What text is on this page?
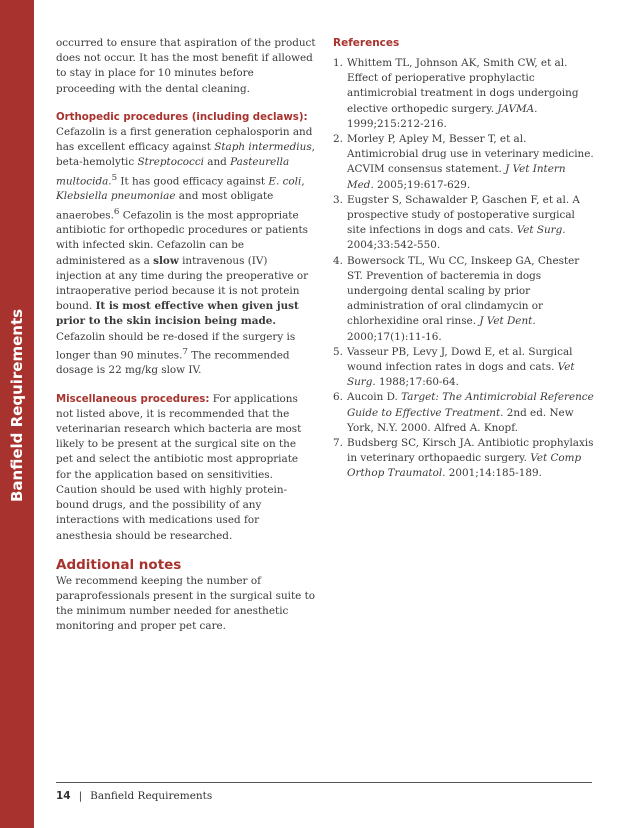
Banfield Requirements

occurred to ensure that aspiration of the product does not occur. It has the most benefit if allowed to stay in place for 10 minutes before proceeding with the dental cleaning.

Orthopedic procedures (including declaws):
Cefazolin is a first generation cephalosporin and has excellent efficacy against Staph intermedius, beta-hemolytic Streptococci and Pasteurella multocida.$^5$ It has good efficacy against E. coli, Klebsiella pneumoniae and most obligate anaerobes.$^6$ Cefazolin is the most appropriate antibiotic for orthopedic procedures or patients with infected skin. Cefazolin can be administered as a slow intravenous (IV) injection at any time during the preoperative or intraoperative period because it is not protein bound. It is most effective when given just prior to the skin incision being made. Cefazolin should be re-dosed if the surgery is longer than 90 minutes.$^7$ The recommended dosage is 22 mg/kg slow IV.

Miscellaneous procedures: For applications not listed above, it is recommended that the veterinarian research which bacteria are most likely to be present at the surgical site on the pet and select the antibiotic most appropriate for the application based on sensitivities. Caution should be used with highly protein-bound drugs, and the possibility of any interactions with medications used for anesthesia should be researched.

Additional notes

We recommend keeping the number of paraprofessionals present in the surgical suite to the minimum number needed for anesthetic monitoring and proper pet care.

References
1. Whittem TL, Johnson AK, Smith CW, et al. Effect of perioperative prophylactic antimicrobial treatment in dogs undergoing elective orthopedic surgery. JAVMA. 1999;215:212-216.
2. Morley P, Apley M, Besser T, et al. Antimicrobial drug use in veterinary medicine. ACVIM consensus statement. J Vet Intern Med. 2005;19:617-629.
3. Eugster S, Schawalder P, Gaschen F, et al. A prospective study of postoperative surgical site infections in dogs and cats. Vet Surg. 2004;33:542-550.
4. Bowersock TL, Wu CC, Inskeep GA, Chester ST. Prevention of bacteremia in dogs undergoing dental scaling by prior administration of oral clindamycin or chlorhexidine oral rinse. J Vet Dent. 2000;17(1):11-16.
5. Vasseur PB, Levy J, Dowd E, et al. Surgical wound infection rates in dogs and cats. Vet Surg. 1988;17:60-64.
6. Aucoin D. Target: The Antimicrobial Reference Guide to Effective Treatment. 2nd ed. New York, N.Y. 2000. Alfred A. Knopf.
7. Budsberg SC, Kirsch JA. Antibiotic prophylaxis in veterinary orthopaedic surgery. Vet Comp Orthop Traumatol. 2001;14:185-189.
14 | Banfield Requirements
